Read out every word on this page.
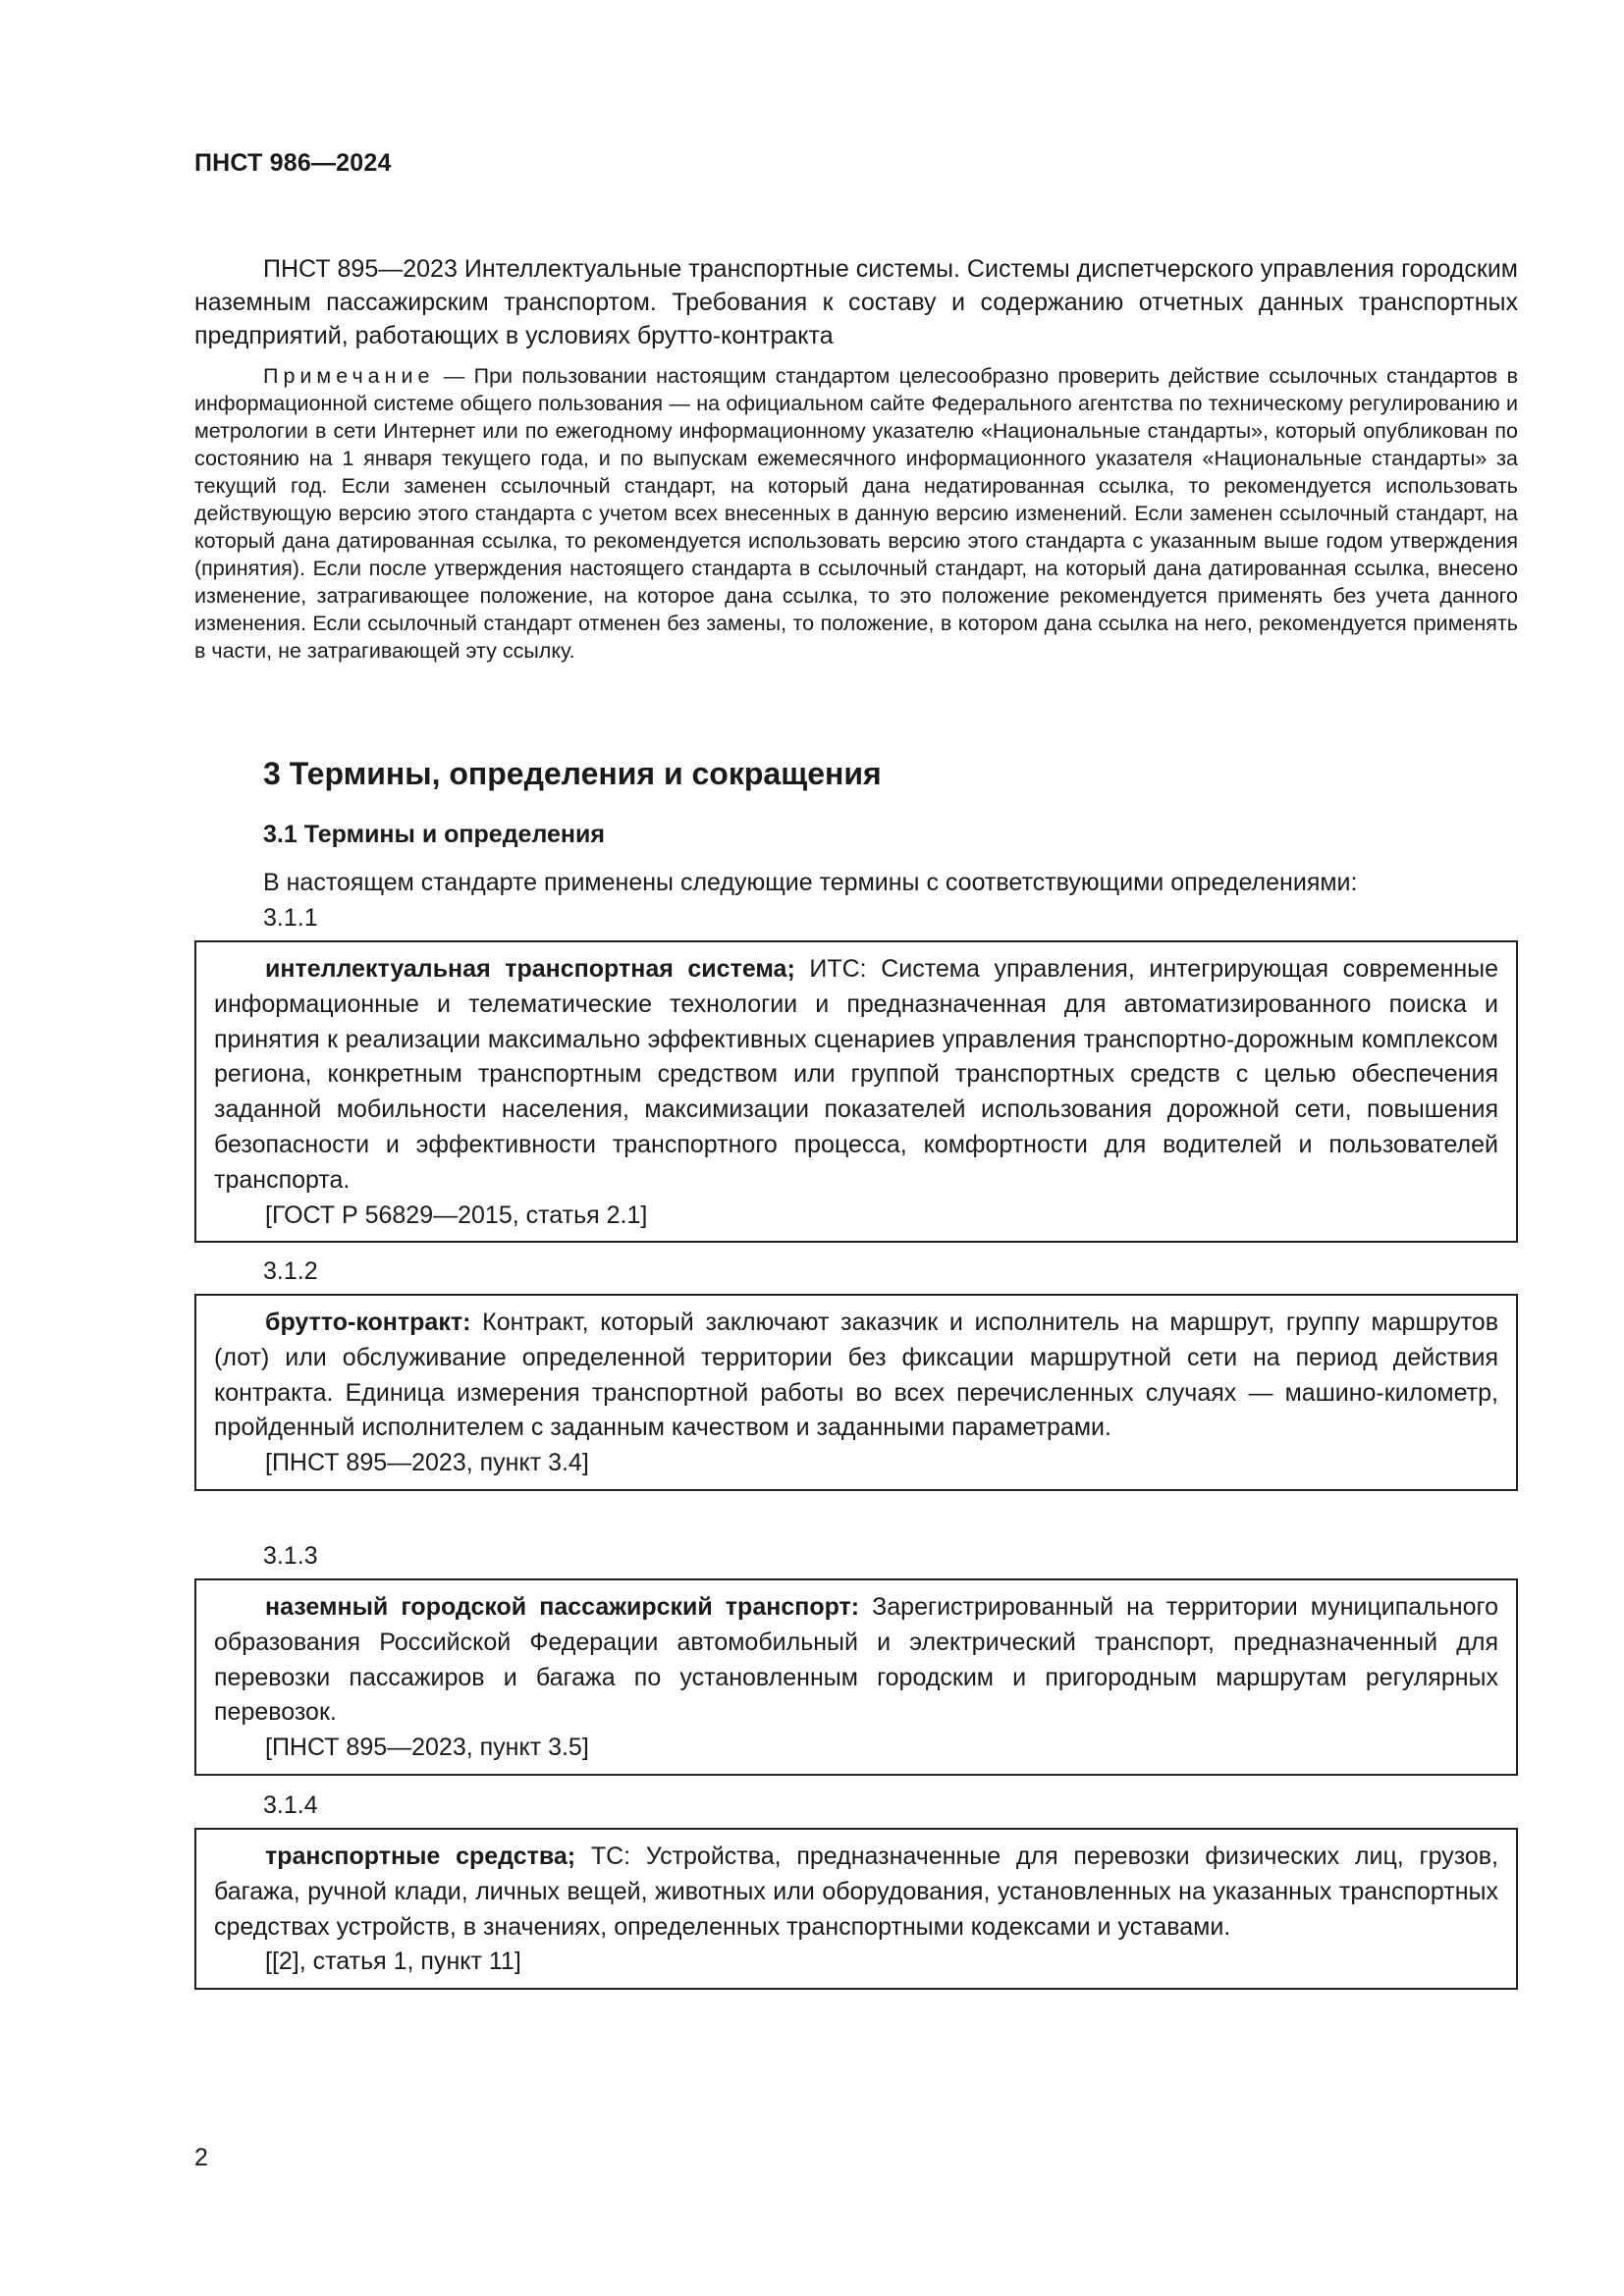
ПНСТ 986—2024

ПНСТ 895—2023 Интеллектуальные транспортные системы. Системы диспетчерского управления городским наземным пассажирским транспортом. Требования к составу и содержанию отчетных данных транспортных предприятий, работающих в условиях брутто-контракта

Примечание — При пользовании настоящим стандартом целесообразно проверить действие ссылочных стандартов в информационной системе общего пользования — на официальном сайте Федерального агентства по техническому регулированию и метрологии в сети Интернет или по ежегодному информационному указателю «Национальные стандарты», который опубликован по состоянию на 1 января текущего года, и по выпускам ежемесячного информационного указателя «Национальные стандарты» за текущий год. Если заменен ссылочный стандарт, на который дана недатированная ссылка, то рекомендуется использовать действующую версию этого стандарта с учетом всех внесенных в данную версию изменений. Если заменен ссылочный стандарт, на который дана датированная ссылка, то рекомендуется использовать версию этого стандарта с указанным выше годом утверждения (принятия). Если после утверждения настоящего стандарта в ссылочный стандарт, на который дана датированная ссылка, внесено изменение, затрагивающее положение, на которое дана ссылка, то это положение рекомендуется применять без учета данного изменения. Если ссылочный стандарт отменен без замены, то положение, в котором дана ссылка на него, рекомендуется применять в части, не затрагивающей эту ссылку.

3 Термины, определения и сокращения
3.1 Термины и определения
В настоящем стандарте применены следующие термины с соответствующими определениями:
3.1.1
интеллектуальная транспортная система; ИТС: Система управления, интегрирующая современные информационные и телематические технологии и предназначенная для автоматизированного поиска и принятия к реализации максимально эффективных сценариев управления транспортно-дорожным комплексом региона, конкретным транспортным средством или группой транспортных средств с целью обеспечения заданной мобильности населения, максимизации показателей использования дорожной сети, повышения безопасности и эффективности транспортного процесса, комфортности для водителей и пользователей транспорта.
[ГОСТ Р 56829—2015, статья 2.1]
3.1.2
брутто-контракт: Контракт, который заключают заказчик и исполнитель на маршрут, группу маршрутов (лот) или обслуживание определенной территории без фиксации маршрутной сети на период действия контракта. Единица измерения транспортной работы во всех перечисленных случаях — машино-километр, пройденный исполнителем с заданным качеством и заданными параметрами.
[ПНСТ 895—2023, пункт 3.4]
3.1.3
наземный городской пассажирский транспорт: Зарегистрированный на территории муниципального образования Российской Федерации автомобильный и электрический транспорт, предназначенный для перевозки пассажиров и багажа по установленным городским и пригородным маршрутам регулярных перевозок.
[ПНСТ 895—2023, пункт 3.5]
3.1.4
транспортные средства; ТС: Устройства, предназначенные для перевозки физических лиц, грузов, багажа, ручной клади, личных вещей, животных или оборудования, установленных на указанных транспортных средствах устройств, в значениях, определенных транспортными кодексами и уставами.
[[2], статья 1, пункт 11]
2
